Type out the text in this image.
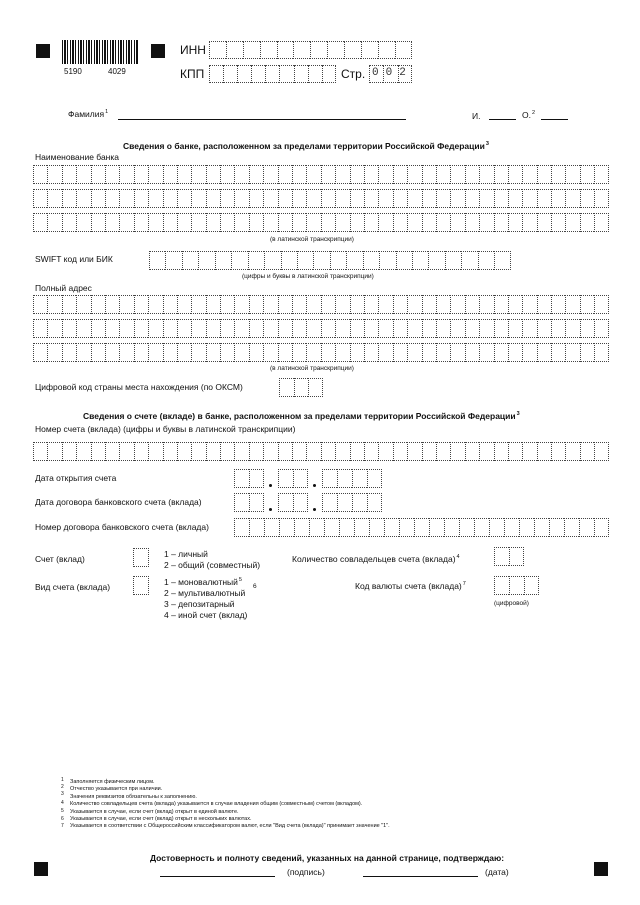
5190	4029
ИНН
КПП	Стр. 002
Фамилия$^1$	И.	О.$^2$
Сведения о банке, расположенном за пределами территории Российской Федерации$^3$
Наименование банка
(в латинской транскрипции)
SWIFT код или БИК
(цифры и буквы в латинской транскрипции)
Полный адрес
(в латинской транскрипции)
Цифровой код страны места нахождения (по ОКСМ)
Сведения о счете (вкладе) в банке, расположенном за пределами территории Российской Федерации$^3$
Номер счета (вклада) (цифры и буквы в латинской транскрипции)
Дата открытия счета
Дата договора банковского счета (вклада)
Номер договора банковского счета (вклада)
Счет (вклад)	1 – личный
2 – общий (совместный)
Количество совладельцев счета (вклада)$^4$
Вид счета (вклада)	1 – моновалютный$^5$
6
2 – мультивалютный
3 – депозитарный
4 – иной счет (вклад)
Код валюты счета (вклада)$^7$
(цифровой)
1
2
3
4
5
6
7
Заполняется физическим лицом.
Отчество указывается при наличии.
Значения реквизитов обязательны к заполнению.
Количество совладельцев счета (вклада) указывается в случае владения общим (совместным) счетом (вкладом).
Указывается в случае, если счет (вклад) открыт в единой валюте.
Указывается в случае, если счет (вклад) открыт в нескольких валютах.
Указывается в соответствии с Общероссийским классификатором валют, если "Вид счета (вклада)" принимает значение "1".
Достоверность и полноту сведений, указанных на данной странице, подтверждаю:
(подпись)	(дата)
